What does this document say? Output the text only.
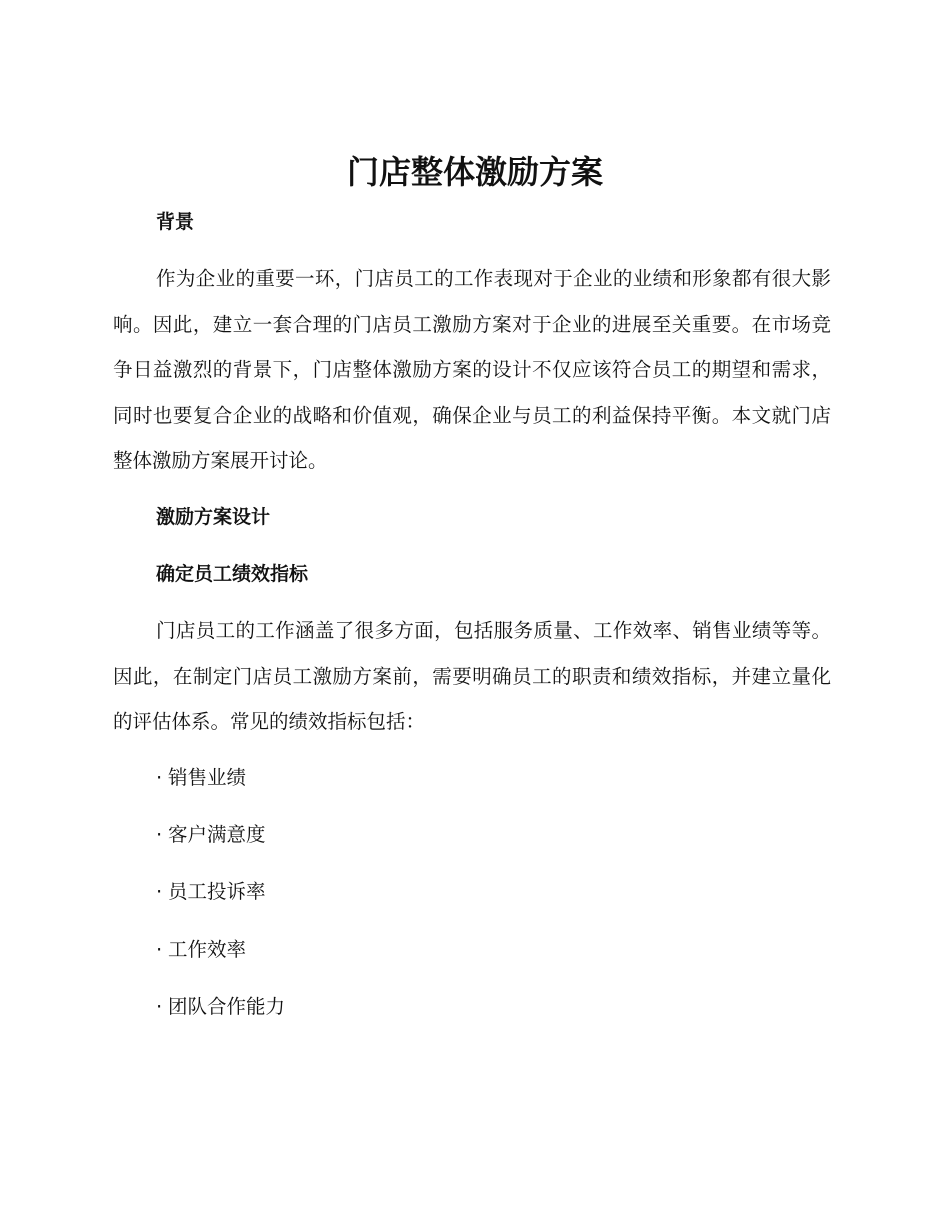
门店整体激励方案
背景

作为企业的重要一环，门店员工的工作表现对于企业的业绩和形象都有很大影响。因此，建立一套合理的门店员工激励方案对于企业的进展至关重要。在市场竞争日益激烈的背景下，门店整体激励方案的设计不仅应该符合员工的期望和需求，同时也要复合企业的战略和价值观，确保企业与员工的利益保持平衡。本文就门店整体激励方案展开讨论。

激励方案设计
确定员工绩效指标

门店员工的工作涵盖了很多方面，包括服务质量、工作效率、销售业绩等等。因此，在制定门店员工激励方案前，需要明确员工的职责和绩效指标，并建立量化的评估体系。常见的绩效指标包括：

· 销售业绩
· 客户满意度
· 员工投诉率
· 工作效率
· 团队合作能力
